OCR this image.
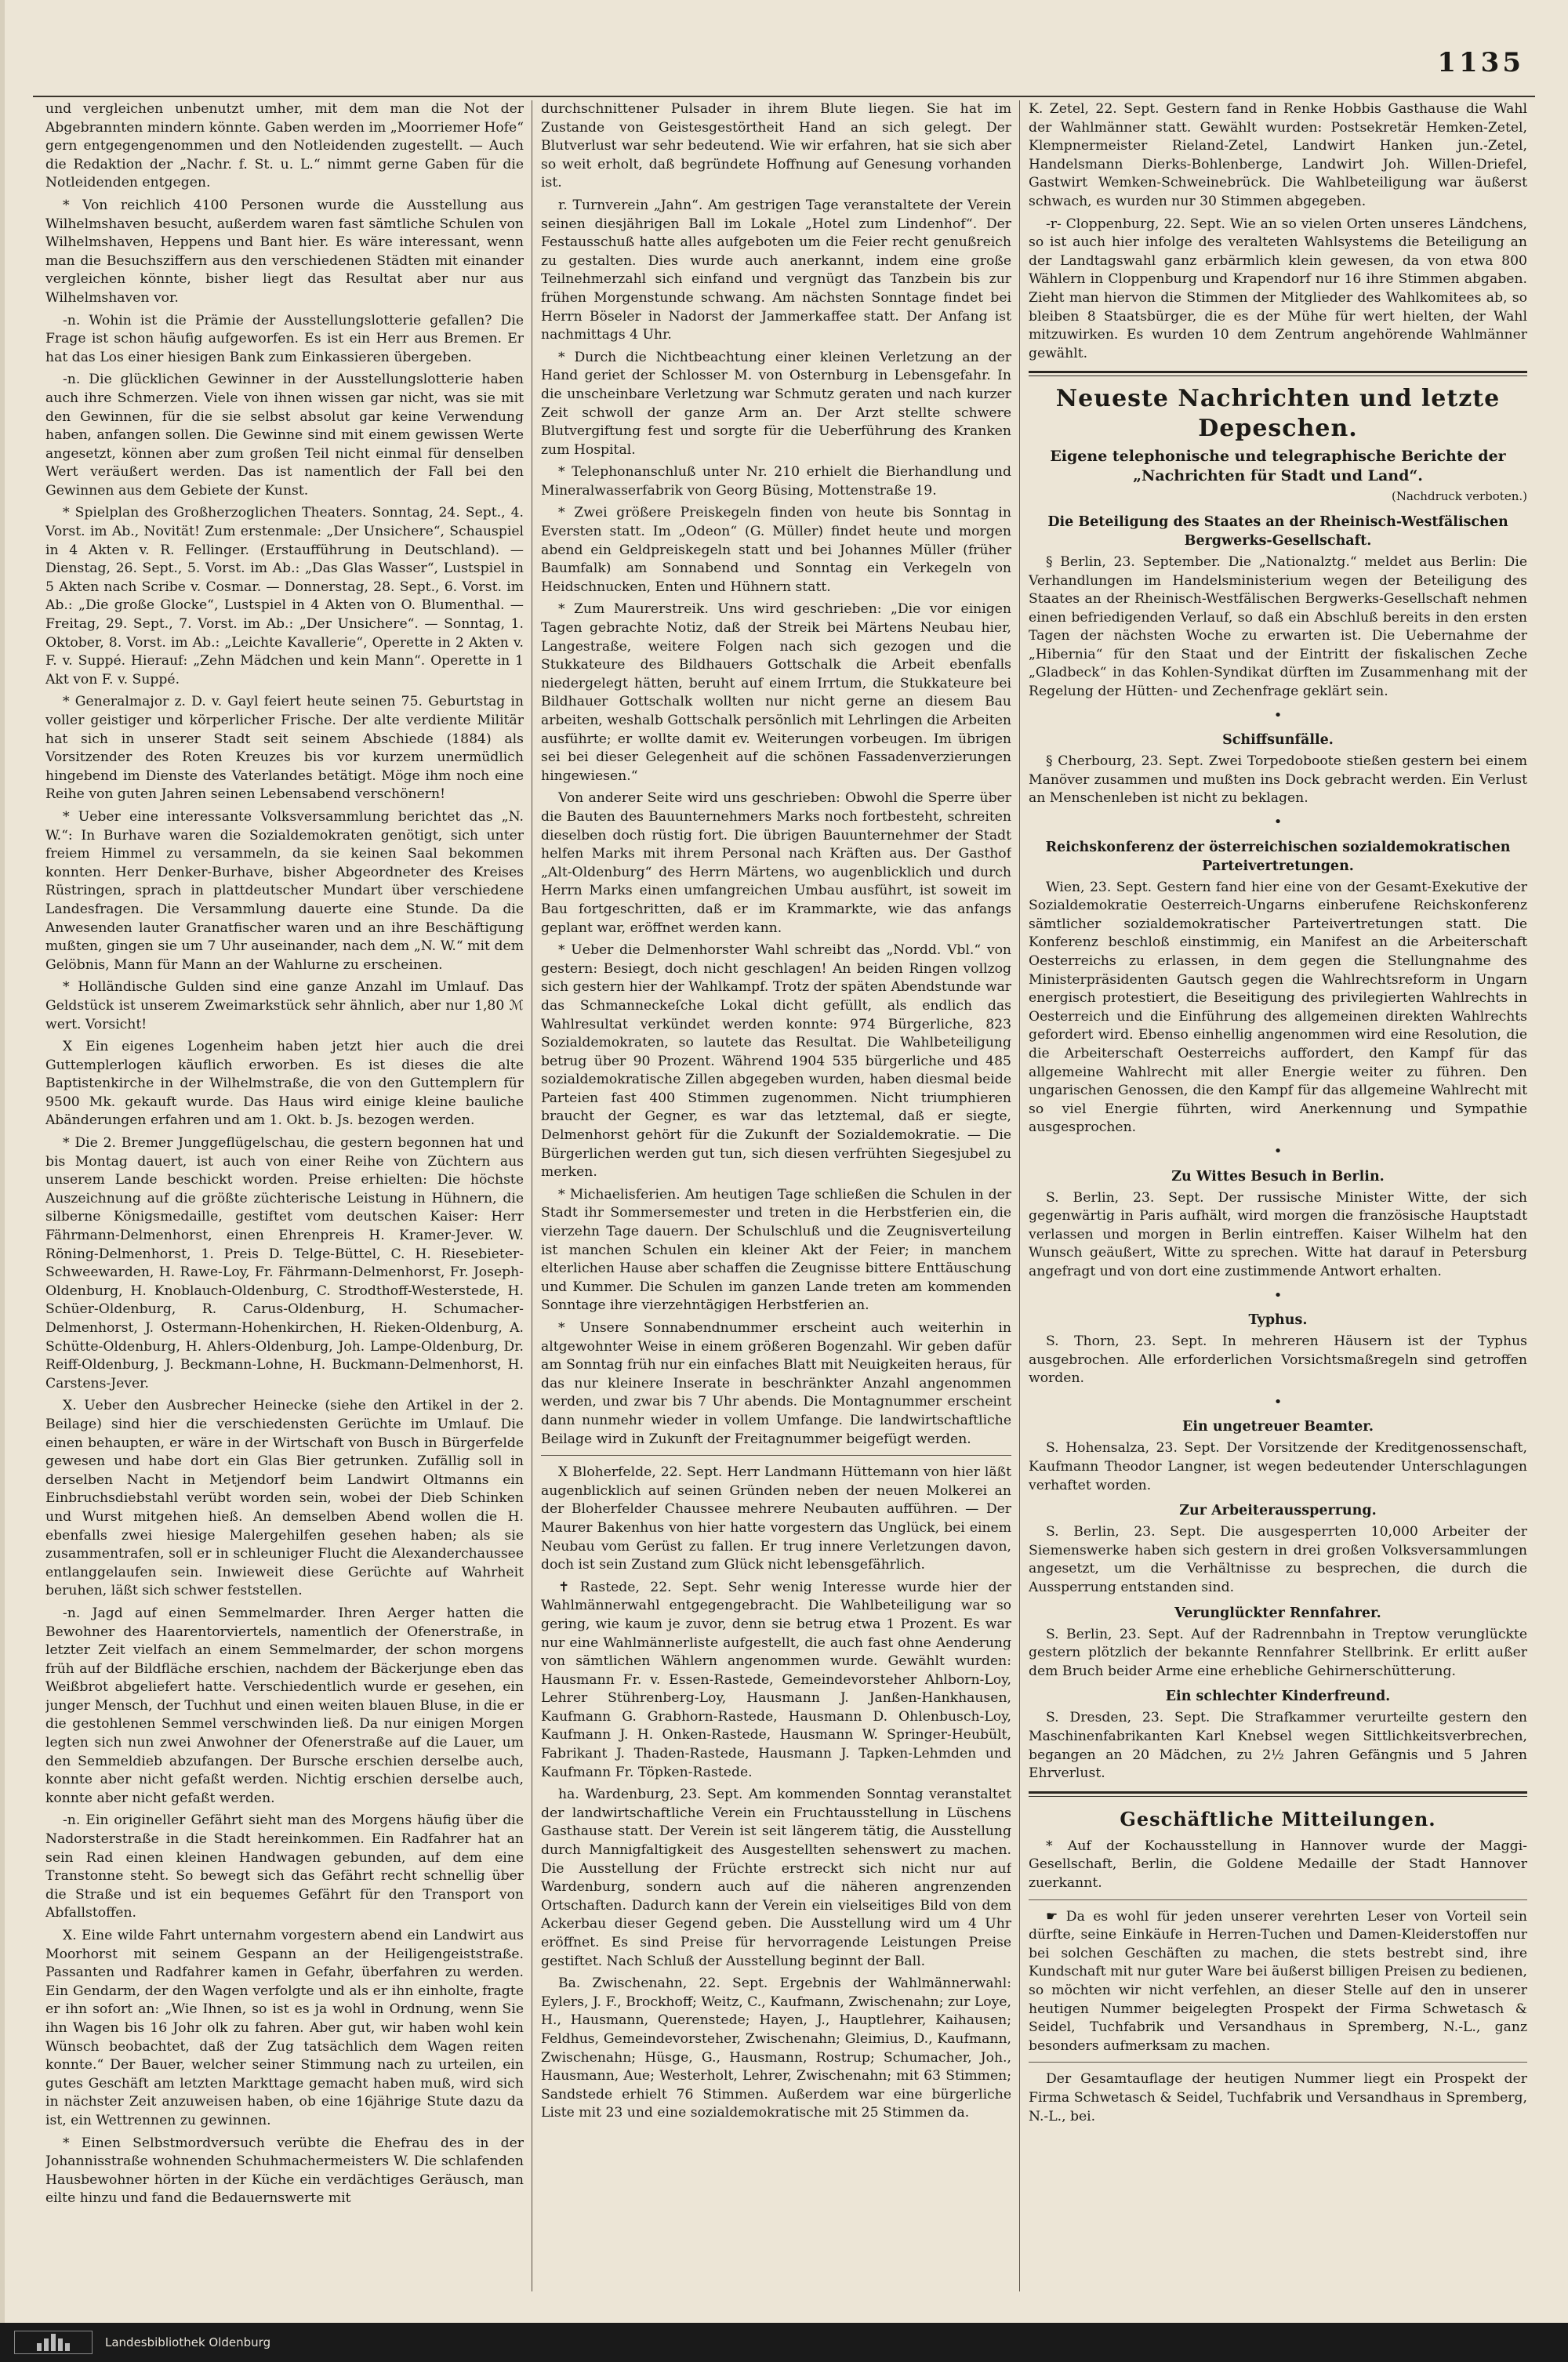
1135

und vergleichen unbenutzt umher, mit dem man die Not der Abgebrannten mindern könnte. Gaben werden im „Moorriemer Hofe“ gern entgegengenommen und den Notleidenden zugestellt. — Auch die Redaktion der „Nachr. f. St. u. L.“ nimmt gerne Gaben für die Notleidenden entgegen.

* Von reichlich 4100 Personen wurde die Ausstellung aus Wilhelmshaven besucht, außerdem waren fast sämtliche Schulen von Wilhelmshaven, Heppens und Bant hier. Es wäre interessant, wenn man die Besuchsziffern aus den verschiedenen Städten mit einander vergleichen könnte, bisher liegt das Resultat aber nur aus Wilhelmshaven vor.

-n. Wohin ist die Prämie der Ausstellungslotterie gefallen? Die Frage ist schon häufig aufgeworfen. Es ist ein Herr aus Bremen. Er hat das Los einer hiesigen Bank zum Einkassieren übergeben.

-n. Die glücklichen Gewinner in der Ausstellungslotterie haben auch ihre Schmerzen. Viele von ihnen wissen gar nicht, was sie mit den Gewinnen, für die sie selbst absolut gar keine Verwendung haben, anfangen sollen. Die Gewinne sind mit einem gewissen Werte angesetzt, können aber zum großen Teil nicht einmal für denselben Wert veräußert werden. Das ist namentlich der Fall bei den Gewinnen aus dem Gebiete der Kunst.

* Spielplan des Großherzoglichen Theaters. Sonntag, 24. Sept., 4. Vorst. im Ab., Novität! Zum erstenmale: „Der Unsichere“, Schauspiel in 4 Akten v. R. Fellinger. (Erstaufführung in Deutschland). — Dienstag, 26. Sept., 5. Vorst. im Ab.: „Das Glas Wasser“, Lustspiel in 5 Akten nach Scribe v. Cosmar. — Donnerstag, 28. Sept., 6. Vorst. im Ab.: „Die große Glocke“, Lustspiel in 4 Akten von O. Blumenthal. — Freitag, 29. Sept., 7. Vorst. im Ab.: „Der Unsichere“. — Sonntag, 1. Oktober, 8. Vorst. im Ab.: „Leichte Kavallerie“, Operette in 2 Akten v. F. v. Suppé. Hierauf: „Zehn Mädchen und kein Mann“. Operette in 1 Akt von F. v. Suppé.

* Generalmajor z. D. v. Gayl feiert heute seinen 75. Geburtstag in voller geistiger und körperlicher Frische. Der alte verdiente Militär hat sich in unserer Stadt seit seinem Abschiede (1884) als Vorsitzender des Roten Kreuzes bis vor kurzem unermüdlich hingebend im Dienste des Vaterlandes betätigt. Möge ihm noch eine Reihe von guten Jahren seinen Lebensabend verschönern!

* Ueber eine interessante Volksversammlung berichtet das „N. W.“: In Burhave waren die Sozialdemokraten genötigt, sich unter freiem Himmel zu versammeln, da sie keinen Saal bekommen konnten. Herr Denker-Burhave, bisher Abgeordneter des Kreises Rüstringen, sprach in plattdeutscher Mundart über verschiedene Landesfragen. Die Versammlung dauerte eine Stunde. Da die Anwesenden lauter Granatfischer waren und an ihre Beschäftigung mußten, gingen sie um 7 Uhr auseinander, nach dem „N. W.“ mit dem Gelöbnis, Mann für Mann an der Wahlurne zu erscheinen.

* Holländische Gulden sind eine ganze Anzahl im Umlauf. Das Geldstück ist unserem Zweimarkstück sehr ähnlich, aber nur 1,80 ℳ wert. Vorsicht!

X Ein eigenes Logenheim haben jetzt hier auch die drei Guttemplerlogen käuflich erworben. Es ist dieses die alte Baptistenkirche in der Wilhelmstraße, die von den Guttemplern für 9500 Mk. gekauft wurde. Das Haus wird einige kleine bauliche Abänderungen erfahren und am 1. Okt. b. Js. bezogen werden.

* Die 2. Bremer Junggeflügelschau, die gestern begonnen hat und bis Montag dauert, ist auch von einer Reihe von Züchtern aus unserem Lande beschickt worden. Preise erhielten: Die höchste Auszeichnung auf die größte züchterische Leistung in Hühnern, die silberne Königsmedaille, gestiftet vom deutschen Kaiser: Herr Fährmann-Delmenhorst, einen Ehrenpreis H. Kramer-Jever. W. Röning-Delmenhorst, 1. Preis D. Telge-Büttel, C. H. Riesebieter-Schweewarden, H. Rawe-Loy, Fr. Fährmann-Delmenhorst, Fr. Joseph-Oldenburg, H. Knoblauch-Oldenburg, C. Strodthoff-Westerstede, H. Schüer-Oldenburg, R. Carus-Oldenburg, H. Schumacher-Delmenhorst, J. Ostermann-Hohenkirchen, H. Rieken-Oldenburg, A. Schütte-Oldenburg, H. Ahlers-Oldenburg, Joh. Lampe-Oldenburg, Dr. Reiff-Oldenburg, J. Beckmann-Lohne, H. Buckmann-Delmenhorst, H. Carstens-Jever.

X. Ueber den Ausbrecher Heinecke (siehe den Artikel in der 2. Beilage) sind hier die verschiedensten Gerüchte im Umlauf. Die einen behaupten, er wäre in der Wirtschaft von Busch in Bürgerfelde gewesen und habe dort ein Glas Bier getrunken. Zufällig soll in derselben Nacht in Metjendorf beim Landwirt Oltmanns ein Einbruchsdiebstahl verübt worden sein, wobei der Dieb Schinken und Wurst mitgehen hieß. An demselben Abend wollen die H. ebenfalls zwei hiesige Malergehilfen gesehen haben; als sie zusammentrafen, soll er in schleuniger Flucht die Alexanderchaussee entlanggelaufen sein. Inwieweit diese Gerüchte auf Wahrheit beruhen, läßt sich schwer feststellen.

-n. Jagd auf einen Semmelmarder. Ihren Aerger hatten die Bewohner des Haarentorviertels, namentlich der Ofenerstraße, in letzter Zeit vielfach an einem Semmelmarder, der schon morgens früh auf der Bildfläche erschien, nachdem der Bäckerjunge eben das Weißbrot abgeliefert hatte. Verschiedentlich wurde er gesehen, ein junger Mensch, der Tuchhut und einen weiten blauen Bluse, in die er die gestohlenen Semmel verschwinden ließ. Da nur einigen Morgen legten sich nun zwei Anwohner der Ofenerstraße auf die Lauer, um den Semmeldieb abzufangen. Der Bursche erschien derselbe auch, konnte aber nicht gefaßt werden. Nichtig erschien derselbe auch, konnte aber nicht gefaßt werden.

-n. Ein origineller Gefährt sieht man des Morgens häufig über die Nadorsterstraße in die Stadt hereinkommen. Ein Radfahrer hat an sein Rad einen kleinen Handwagen gebunden, auf dem eine Transtonne steht. So bewegt sich das Gefährt recht schnellig über die Straße und ist ein bequemes Gefährt für den Transport von Abfallstoffen.

X. Eine wilde Fahrt unternahm vorgestern abend ein Landwirt aus Moorhorst mit seinem Gespann an der Heiligengeiststraße. Passanten und Radfahrer kamen in Gefahr, überfahren zu werden. Ein Gendarm, der den Wagen verfolgte und als er ihn einholte, fragte er ihn sofort an: „Wie Ihnen, so ist es ja wohl in Ordnung, wenn Sie ihn Wagen bis 16 Johr olk zu fahren. Aber gut, wir haben wohl kein Wünsch beobachtet, daß der Zug tatsächlich dem Wagen reiten konnte.“ Der Bauer, welcher seiner Stimmung nach zu urteilen, ein gutes Geschäft am letzten Markttage gemacht haben muß, wird sich in nächster Zeit anzuweisen haben, ob eine 16jährige Stute dazu da ist, ein Wettrennen zu gewinnen.

* Einen Selbstmordversuch verübte die Ehefrau des in der Johannisstraße wohnenden Schuhmachermeisters W. Die schlafenden Hausbewohner hörten in der Küche ein verdächtiges Geräusch, man eilte hinzu und fand die Bedauernswerte mit

durchschnittener Pulsader in ihrem Blute liegen. Sie hat im Zustande von Geistesgestörtheit Hand an sich gelegt. Der Blutverlust war sehr bedeutend. Wie wir erfahren, hat sie sich aber so weit erholt, daß begründete Hoffnung auf Genesung vorhanden ist.

r. Turnverein „Jahn“. Am gestrigen Tage veranstaltete der Verein seinen diesjährigen Ball im Lokale „Hotel zum Lindenhof“. Der Festausschuß hatte alles aufgeboten um die Feier recht genußreich zu gestalten. Dies wurde auch anerkannt, indem eine große Teilnehmerzahl sich einfand und vergnügt das Tanzbein bis zur frühen Morgenstunde schwang. Am nächsten Sonntage findet bei Herrn Böseler in Nadorst der Jammerkaffee statt. Der Anfang ist nachmittags 4 Uhr.

* Durch die Nichtbeachtung einer kleinen Verletzung an der Hand geriet der Schlosser M. von Osternburg in Lebensgefahr. In die unscheinbare Verletzung war Schmutz geraten und nach kurzer Zeit schwoll der ganze Arm an. Der Arzt stellte schwere Blutvergiftung fest und sorgte für die Ueberführung des Kranken zum Hospital.

* Telephonanschluß unter Nr. 210 erhielt die Bierhandlung und Mineralwasserfabrik von Georg Büsing, Mottenstraße 19.

* Zwei größere Preiskegeln finden von heute bis Sonntag in Eversten statt. Im „Odeon“ (G. Müller) findet heute und morgen abend ein Geldpreiskegeln statt und bei Johannes Müller (früher Baumfalk) am Sonnabend und Sonntag ein Verkegeln von Heidschnucken, Enten und Hühnern statt.

* Zum Maurerstreik. Uns wird geschrieben: „Die vor einigen Tagen gebrachte Notiz, daß der Streik bei Märtens Neubau hier, Langestraße, weitere Folgen nach sich gezogen und die Stukkateure des Bildhauers Gottschalk die Arbeit ebenfalls niedergelegt hätten, beruht auf einem Irrtum, die Stukkateure bei Bildhauer Gottschalk wollten nur nicht gerne an diesem Bau arbeiten, weshalb Gottschalk persönlich mit Lehrlingen die Arbeiten ausführte; er wollte damit ev. Weiterungen vorbeugen. Im übrigen sei bei dieser Gelegenheit auf die schönen Fassadenverzierungen hingewiesen.“

Von anderer Seite wird uns geschrieben: Obwohl die Sperre über die Bauten des Bauunternehmers Marks noch fortbesteht, schreiten dieselben doch rüstig fort. Die übrigen Bauunternehmer der Stadt helfen Marks mit ihrem Personal nach Kräften aus. Der Gasthof „Alt-Oldenburg“ des Herrn Märtens, wo augenblicklich und durch Herrn Marks einen umfangreichen Umbau ausführt, ist soweit im Bau fortgeschritten, daß er im Krammarkte, wie das anfangs geplant war, eröffnet werden kann.

* Ueber die Delmenhorster Wahl schreibt das „Nordd. Vbl.“ von gestern: Besiegt, doch nicht geschlagen! An beiden Ringen vollzog sich gestern hier der Wahlkampf. Trotz der späten Abendstunde war das Schmanneckeſche Lokal dicht gefüllt, als endlich das Wahlresultat verkündet werden konnte: 974 Bürgerliche, 823 Sozialdemokraten, so lautete das Resultat. Die Wahlbeteiligung betrug über 90 Prozent. Während 1904 535 bürgerliche und 485 sozialdemokratische Zillen abgegeben wurden, haben diesmal beide Parteien fast 400 Stimmen zugenommen. Nicht triumphieren braucht der Gegner, es war das letztemal, daß er siegte, Delmenhorst gehört für die Zukunft der Sozialdemokratie. — Die Bürgerlichen werden gut tun, sich diesen verfrühten Siegesjubel zu merken.

* Michaelisferien. Am heutigen Tage schließen die Schulen in der Stadt ihr Sommersemester und treten in die Herbstferien ein, die vierzehn Tage dauern. Der Schulschluß und die Zeugnisverteilung ist manchen Schulen ein kleiner Akt der Feier; in manchem elterlichen Hause aber schaffen die Zeugnisse bittere Enttäuschung und Kummer. Die Schulen im ganzen Lande treten am kommenden Sonntage ihre vierzehntägigen Herbstferien an.

* Unsere Sonnabendnummer erscheint auch weiterhin in altgewohnter Weise in einem größeren Bogenzahl. Wir geben dafür am Sonntag früh nur ein einfaches Blatt mit Neuigkeiten heraus, für das nur kleinere Inserate in beschränkter Anzahl angenommen werden, und zwar bis 7 Uhr abends. Die Montagnummer erscheint dann nunmehr wieder in vollem Umfange. Die landwirtschaftliche Beilage wird in Zukunft der Freitagnummer beigefügt werden.

X Bloherfelde, 22. Sept. Herr Landmann Hüttemann von hier läßt augenblicklich auf seinen Gründen neben der neuen Molkerei an der Bloherfelder Chaussee mehrere Neubauten aufführen. — Der Maurer Bakenhus von hier hatte vorgestern das Unglück, bei einem Neubau vom Gerüst zu fallen. Er trug innere Verletzungen davon, doch ist sein Zustand zum Glück nicht lebensgefährlich.

✝ Rastede, 22. Sept. Sehr wenig Interesse wurde hier der Wahlmännerwahl entgegengebracht. Die Wahlbeteiligung war so gering, wie kaum je zuvor, denn sie betrug etwa 1 Prozent. Es war nur eine Wahlmännerliste aufgestellt, die auch fast ohne Aenderung von sämtlichen Wählern angenommen wurde. Gewählt wurden: Hausmann Fr. v. Essen-Rastede, Gemeindevorsteher Ahlborn-Loy, Lehrer Stührenberg-Loy, Hausmann J. Janßen-Hankhausen, Kaufmann G. Grabhorn-Rastede, Hausmann D. Ohlenbusch-Loy, Kaufmann J. H. Onken-Rastede, Hausmann W. Springer-Heubült, Fabrikant J. Thaden-Rastede, Hausmann J. Tapken-Lehmden und Kaufmann Fr. Töpken-Rastede.

ha. Wardenburg, 23. Sept. Am kommenden Sonntag veranstaltet der landwirtschaftliche Verein ein Fruchtausstellung in Lüschens Gasthause statt. Der Verein ist seit längerem tätig, die Ausstellung durch Mannigfaltigkeit des Ausgestellten sehenswert zu machen. Die Ausstellung der Früchte erstreckt sich nicht nur auf Wardenburg, sondern auch auf die näheren angrenzenden Ortschaften. Dadurch kann der Verein ein vielseitiges Bild von dem Ackerbau dieser Gegend geben. Die Ausstellung wird um 4 Uhr eröffnet. Es sind Preise für hervorragende Leistungen Preise gestiftet. Nach Schluß der Ausstellung beginnt der Ball.

Ba. Zwischenahn, 22. Sept. Ergebnis der Wahlmännerwahl: Eylers, J. F., Brockhoff; Weitz, C., Kaufmann, Zwischenahn; zur Loye, H., Hausmann, Querenstede; Hayen, J., Hauptlehrer, Kaihausen; Feldhus, Gemeindevorsteher, Zwischenahn; Gleimius, D., Kaufmann, Zwischenahn; Hüsge, G., Hausmann, Rostrup; Schumacher, Joh., Hausmann, Aue; Westerholt, Lehrer, Zwischenahn; mit 63 Stimmen; Sandstede erhielt 76 Stimmen. Außerdem war eine bürgerliche Liste mit 23 und eine sozialdemokratische mit 25 Stimmen da.

K. Zetel, 22. Sept. Gestern fand in Renke Hobbis Gasthause die Wahl der Wahlmänner statt. Gewählt wurden: Postsekretär Hemken-Zetel, Klempnermeister Rieland-Zetel, Landwirt Hanken jun.-Zetel, Handelsmann Dierks-Bohlenberge, Landwirt Joh. Willen-Driefel, Gastwirt Wemken-Schweinebrück. Die Wahlbeteiligung war äußerst schwach, es wurden nur 30 Stimmen abgegeben.

-r- Cloppenburg, 22. Sept. Wie an so vielen Orten unseres Ländchens, so ist auch hier infolge des veralteten Wahlsystems die Beteiligung an der Landtagswahl ganz erbärmlich klein gewesen, da von etwa 800 Wählern in Cloppenburg und Krapendorf nur 16 ihre Stimmen abgaben. Zieht man hiervon die Stimmen der Mitglieder des Wahlkomitees ab, so bleiben 8 Staatsbürger, die es der Mühe für wert hielten, der Wahl mitzuwirken. Es wurden 10 dem Zentrum angehörende Wahlmänner gewählt.

Neueste Nachrichten und letzte Depeschen.
Eigene telephonische und telegraphische Berichte der „Nachrichten für Stadt und Land“.
(Nachdruck verboten.)
Die Beteiligung des Staates an der Rheinisch-Westfälischen Bergwerks-Gesellschaft.

§ Berlin, 23. September. Die „Nationalztg.“ meldet aus Berlin: Die Verhandlungen im Handelsministerium wegen der Beteiligung des Staates an der Rheinisch-Westfälischen Bergwerks-Gesellschaft nehmen einen befriedigenden Verlauf, so daß ein Abschluß bereits in den ersten Tagen der nächsten Woche zu erwarten ist. Die Uebernahme der „Hibernia“ für den Staat und der Eintritt der fiskalischen Zeche „Gladbeck“ in das Kohlen-Syndikat dürften im Zusammenhang mit der Regelung der Hütten- und Zechenfrage geklärt sein.

•
Schiffsunfälle.

§ Cherbourg, 23. Sept. Zwei Torpedoboote stießen gestern bei einem Manöver zusammen und mußten ins Dock gebracht werden. Ein Verlust an Menschenleben ist nicht zu beklagen.

•
Reichskonferenz der österreichischen sozialdemokratischen Parteivertretungen.

Wien, 23. Sept. Gestern fand hier eine von der Gesamt-Exekutive der Sozialdemokratie Oesterreich-Ungarns einberufene Reichskonferenz sämtlicher sozialdemokratischer Parteivertretungen statt. Die Konferenz beschloß einstimmig, ein Manifest an die Arbeiterschaft Oesterreichs zu erlassen, in dem gegen die Stellungnahme des Ministerpräsidenten Gautsch gegen die Wahlrechtsreform in Ungarn energisch protestiert, die Beseitigung des privilegierten Wahlrechts in Oesterreich und die Einführung des allgemeinen direkten Wahlrechts gefordert wird. Ebenso einhellig angenommen wird eine Resolution, die die Arbeiterschaft Oesterreichs auffordert, den Kampf für das allgemeine Wahlrecht mit aller Energie weiter zu führen. Den ungarischen Genossen, die den Kampf für das allgemeine Wahlrecht mit so viel Energie führten, wird Anerkennung und Sympathie ausgesprochen.

•
Zu Wittes Besuch in Berlin.

S. Berlin, 23. Sept. Der russische Minister Witte, der sich gegenwärtig in Paris aufhält, wird morgen die französische Hauptstadt verlassen und morgen in Berlin eintreffen. Kaiser Wilhelm hat den Wunsch geäußert, Witte zu sprechen. Witte hat darauf in Petersburg angefragt und von dort eine zustimmende Antwort erhalten.

•
Typhus.

S. Thorn, 23. Sept. In mehreren Häusern ist der Typhus ausgebrochen. Alle erforderlichen Vorsichtsmaßregeln sind getroffen worden.

•
Ein ungetreuer Beamter.

S. Hohensalza, 23. Sept. Der Vorsitzende der Kreditgenossenschaft, Kaufmann Theodor Langner, ist wegen bedeutender Unterschlagungen verhaftet worden.

Zur Arbeiteraussperrung.

S. Berlin, 23. Sept. Die ausgesperrten 10,000 Arbeiter der Siemenswerke haben sich gestern in drei großen Volksversammlungen angesetzt, um die Verhältnisse zu besprechen, die durch die Aussperrung entstanden sind.

Verunglückter Rennfahrer.

S. Berlin, 23. Sept. Auf der Radrennbahn in Treptow verunglückte gestern plötzlich der bekannte Rennfahrer Stellbrink. Er erlitt außer dem Bruch beider Arme eine erhebliche Gehirnerschütterung.

Ein schlechter Kinderfreund.

S. Dresden, 23. Sept. Die Strafkammer verurteilte gestern den Maschinenfabrikanten Karl Knebsel wegen Sittlichkeitsverbrechen, begangen an 20 Mädchen, zu 2½ Jahren Gefängnis und 5 Jahren Ehrverlust.

Geschäftliche Mitteilungen.

* Auf der Kochausstellung in Hannover wurde der Maggi-Gesellschaft, Berlin, die Goldene Medaille der Stadt Hannover zuerkannt.

☛ Da es wohl für jeden unserer verehrten Leser von Vorteil sein dürfte, seine Einkäufe in Herren-Tuchen und Damen-Kleiderstoffen nur bei solchen Geschäften zu machen, die stets bestrebt sind, ihre Kundschaft mit nur guter Ware bei äußerst billigen Preisen zu bedienen, so möchten wir nicht verfehlen, an dieser Stelle auf den in unserer heutigen Nummer beigelegten Prospekt der Firma Schwetasch & Seidel, Tuchfabrik und Versandhaus in Spremberg, N.-L., ganz besonders aufmerksam zu machen.

Der Gesamtauflage der heutigen Nummer liegt ein Prospekt der Firma Schwetasch & Seidel, Tuchfabrik und Versandhaus in Spremberg, N.-L., bei.

Landesbibliothek Oldenburg
